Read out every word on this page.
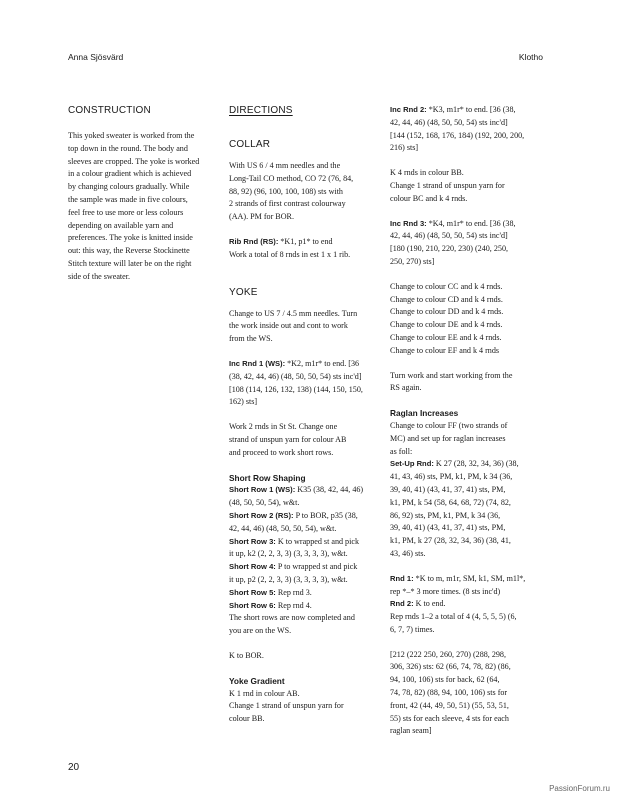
Anna Sjösvärd	Klotho
CONSTRUCTION
This yoked sweater is worked from the
top down in the round. The body and
sleeves are cropped. The yoke is worked
in a colour gradient which is achieved
by changing colours gradually. While
the sample was made in five colours,
feel free to use more or less colours
depending on available yarn and
preferences. The yoke is knitted inside
out: this way, the Reverse Stockinette
Stitch texture will later be on the right
side of the sweater.
DIRECTIONS
COLLAR
With US 6 / 4 mm needles and the
Long-Tail CO method, CO 72 (76, 84,
88, 92) (96, 100, 100, 108) sts with
2 strands of first contrast colourway
(AA). PM for BOR.
Rib Rnd (RS): *K1, p1* to end
Work a total of 8 rnds in est 1 x 1 rib.
YOKE
Change to US 7 / 4.5 mm needles. Turn
the work inside out and cont to work
from the WS.
Inc Rnd 1 (WS): *K2, m1r* to end. [36
(38, 42, 44, 46) (48, 50, 50, 54) sts inc'd]
[108 (114, 126, 132, 138) (144, 150, 150,
162) sts]
Work 2 rnds in St St. Change one
strand of unspun yarn for colour AB
and proceed to work short rows.
Short Row Shaping
Short Row 1 (WS): K35 (38, 42, 44, 46)
(48, 50, 50, 54), w&t.
Short Row 2 (RS): P to BOR, p35 (38,
42, 44, 46) (48, 50, 50, 54), w&t.
Short Row 3: K to wrapped st and pick
it up, k2 (2, 2, 3, 3) (3, 3, 3, 3), w&t.
Short Row 4: P to wrapped st and pick
it up, p2 (2, 2, 3, 3) (3, 3, 3, 3), w&t.
Short Row 5: Rep rnd 3.
Short Row 6: Rep rnd 4.
The short rows are now completed and
you are on the WS.
K to BOR.
Yoke Gradient
K 1 rnd in colour AB.
Change 1 strand of unspun yarn for
colour BB.
Inc Rnd 2: *K3, m1r* to end. [36 (38,
42, 44, 46) (48, 50, 50, 54) sts inc'd]
[144 (152, 168, 176, 184) (192, 200, 200,
216) sts]
K 4 rnds in colour BB.
Change 1 strand of unspun yarn for
colour BC and k 4 rnds.
Inc Rnd 3: *K4, m1r* to end. [36 (38,
42, 44, 46) (48, 50, 50, 54) sts inc'd]
[180 (190, 210, 220, 230) (240, 250,
250, 270) sts]
Change to colour CC and k 4 rnds.
Change to colour CD and k 4 rnds.
Change to colour DD and k 4 rnds.
Change to colour DE and k 4 rnds.
Change to colour EE and k 4 rnds.
Change to colour EF and k 4 rnds
Turn work and start working from the
RS again.
Raglan Increases
Change to colour FF (two strands of
MC) and set up for raglan increases
as foll:
Set-Up Rnd: K 27 (28, 32, 34, 36) (38,
41, 43, 46) sts, PM, k1, PM, k 34 (36,
39, 40, 41) (43, 41, 37, 41) sts, PM,
k1, PM, k 54 (58, 64, 68, 72) (74, 82,
86, 92) sts, PM, k1, PM, k 34 (36,
39, 40, 41) (43, 41, 37, 41) sts, PM,
k1, PM, k 27 (28, 32, 34, 36) (38, 41,
43, 46) sts.
Rnd 1: *K to m, m1r, SM, k1, SM, m1l*,
rep *–* 3 more times. (8 sts inc'd)
Rnd 2: K to end.
Rep rnds 1–2 a total of 4 (4, 5, 5, 5) (6,
6, 7, 7) times.
[212 (222 250, 260, 270) (288, 298,
306, 326) sts: 62 (66, 74, 78, 82) (86,
94, 100, 106) sts for back, 62 (64,
74, 78, 82) (88, 94, 100, 106) sts for
front, 42 (44, 49, 50, 51) (55, 53, 51,
55) sts for each sleeve, 4 sts for each
raglan seam]
20
PassionForum.ru
